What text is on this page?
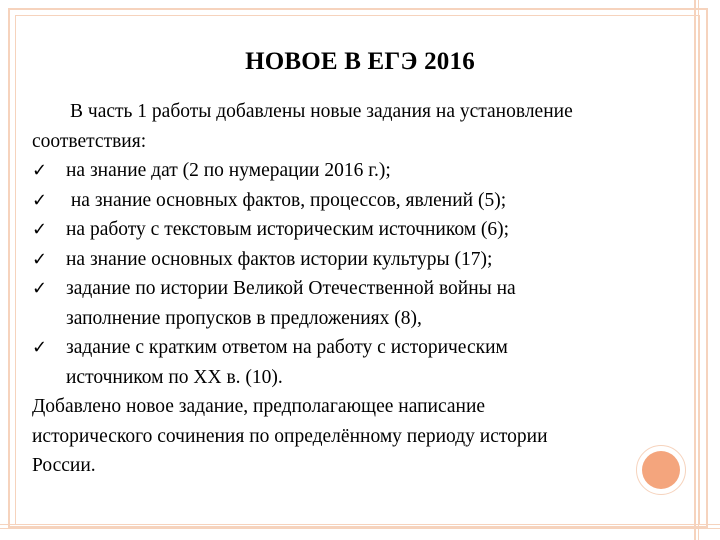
НОВОЕ В ЕГЭ 2016
В часть 1 работы добавлены новые задания на установление
соответствия:
✓ на знание дат (2 по нумерации 2016 г.);
✓ на знание основных фактов, процессов, явлений (5);
✓ на работу с текстовым историческим источником (6);
✓ на знание основных фактов истории культуры (17);
✓ задание по истории Великой Отечественной войны на
заполнение пропусков в предложениях (8),
✓ задание с кратким ответом на работу с историческим
источником по XX в. (10).
Добавлено новое задание, предполагающее написание
исторического сочинения по определённому периоду истории
России.
